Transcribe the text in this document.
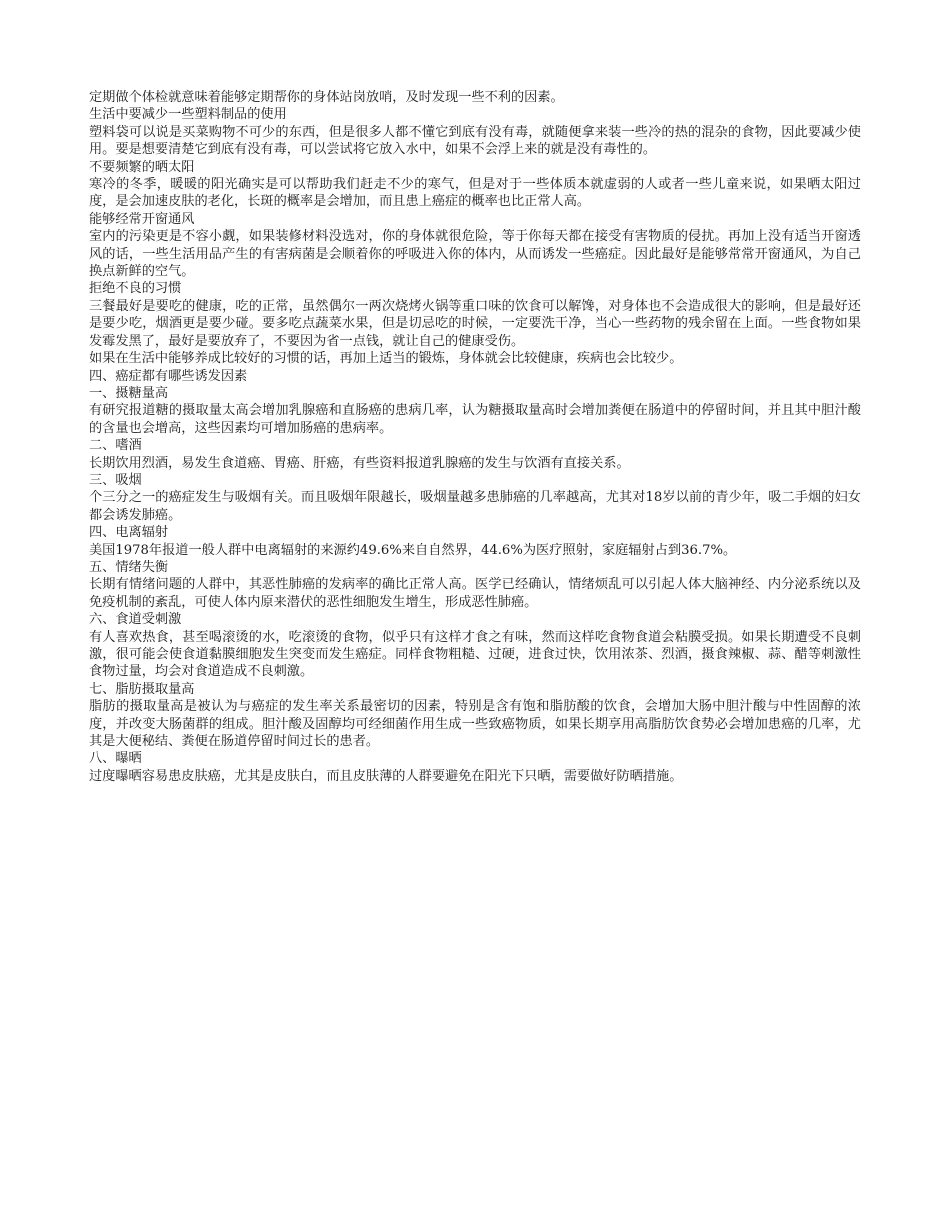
定期做个体检就意味着能够定期帮你的身体站岗放哨，及时发现一些不利的因素。

生活中要减少一些塑料制品的使用

塑料袋可以说是买菜购物不可少的东西，但是很多人都不懂它到底有没有毒，就随便拿来装一些冷的热的混杂的食物，因此要减少使用。要是想要清楚它到底有没有毒，可以尝试将它放入水中，如果不会浮上来的就是没有毒性的。

不要频繁的晒太阳

寒冷的冬季，暖暖的阳光确实是可以帮助我们赶走不少的寒气，但是对于一些体质本就虚弱的人或者一些儿童来说，如果晒太阳过度，是会加速皮肤的老化，长斑的概率是会增加，而且患上癌症的概率也比正常人高。

能够经常开窗通风

室内的污染更是不容小觑，如果装修材料没选对，你的身体就很危险，等于你每天都在接受有害物质的侵扰。再加上没有适当开窗透风的话，一些生活用品产生的有害病菌是会顺着你的呼吸进入你的体内，从而诱发一些癌症。因此最好是能够常常开窗通风，为自己换点新鲜的空气。

拒绝不良的习惯

三餐最好是要吃的健康，吃的正常，虽然偶尔一两次烧烤火锅等重口味的饮食可以解馋，对身体也不会造成很大的影响，但是最好还是要少吃，烟酒更是要少碰。要多吃点蔬菜水果，但是切忌吃的时候，一定要洗干净，当心一些药物的残余留在上面。一些食物如果发霉发黑了，最好是要放弃了，不要因为省一点钱，就让自己的健康受伤。

如果在生活中能够养成比较好的习惯的话，再加上适当的锻炼，身体就会比较健康，疾病也会比较少。

四、癌症都有哪些诱发因素

一、摄糖量高

有研究报道糖的摄取量太高会增加乳腺癌和直肠癌的患病几率，认为糖摄取量高时会增加粪便在肠道中的停留时间，并且其中胆汁酸的含量也会增高，这些因素均可增加肠癌的患病率。

二、嗜酒

长期饮用烈酒，易发生食道癌、胃癌、肝癌，有些资料报道乳腺癌的发生与饮酒有直接关系。

三、吸烟

个三分之一的癌症发生与吸烟有关。而且吸烟年限越长，吸烟量越多患肺癌的几率越高，尤其对18岁以前的青少年，吸二手烟的妇女都会诱发肺癌。

四、电离辐射

美国1978年报道一般人群中电离辐射的来源约49.6%来自自然界，44.6%为医疗照射，家庭辐射占到36.7%。

五、情绪失衡

长期有情绪问题的人群中，其恶性肺癌的发病率的确比正常人高。医学已经确认，情绪烦乱可以引起人体大脑神经、内分泌系统以及免疫机制的紊乱，可使人体内原来潜伏的恶性细胞发生增生，形成恶性肺癌。

六、食道受刺激

有人喜欢热食，甚至喝滚烫的水，吃滚烫的食物，似乎只有这样才食之有味，然而这样吃食物食道会粘膜受损。如果长期遭受不良刺激，很可能会使食道黏膜细胞发生突变而发生癌症。同样食物粗糙、过硬，进食过快，饮用浓茶、烈酒，摄食辣椒、蒜、醋等刺激性食物过量，均会对食道造成不良刺激。

七、脂肪摄取量高

脂肪的摄取量高是被认为与癌症的发生率关系最密切的因素，特别是含有饱和脂肪酸的饮食，会增加大肠中胆汁酸与中性固醇的浓度，并改变大肠菌群的组成。胆汁酸及固醇均可经细菌作用生成一些致癌物质，如果长期享用高脂肪饮食势必会增加患癌的几率，尤其是大便秘结、粪便在肠道停留时间过长的患者。

八、曝晒

过度曝晒容易患皮肤癌，尤其是皮肤白，而且皮肤薄的人群要避免在阳光下只晒，需要做好防晒措施。
